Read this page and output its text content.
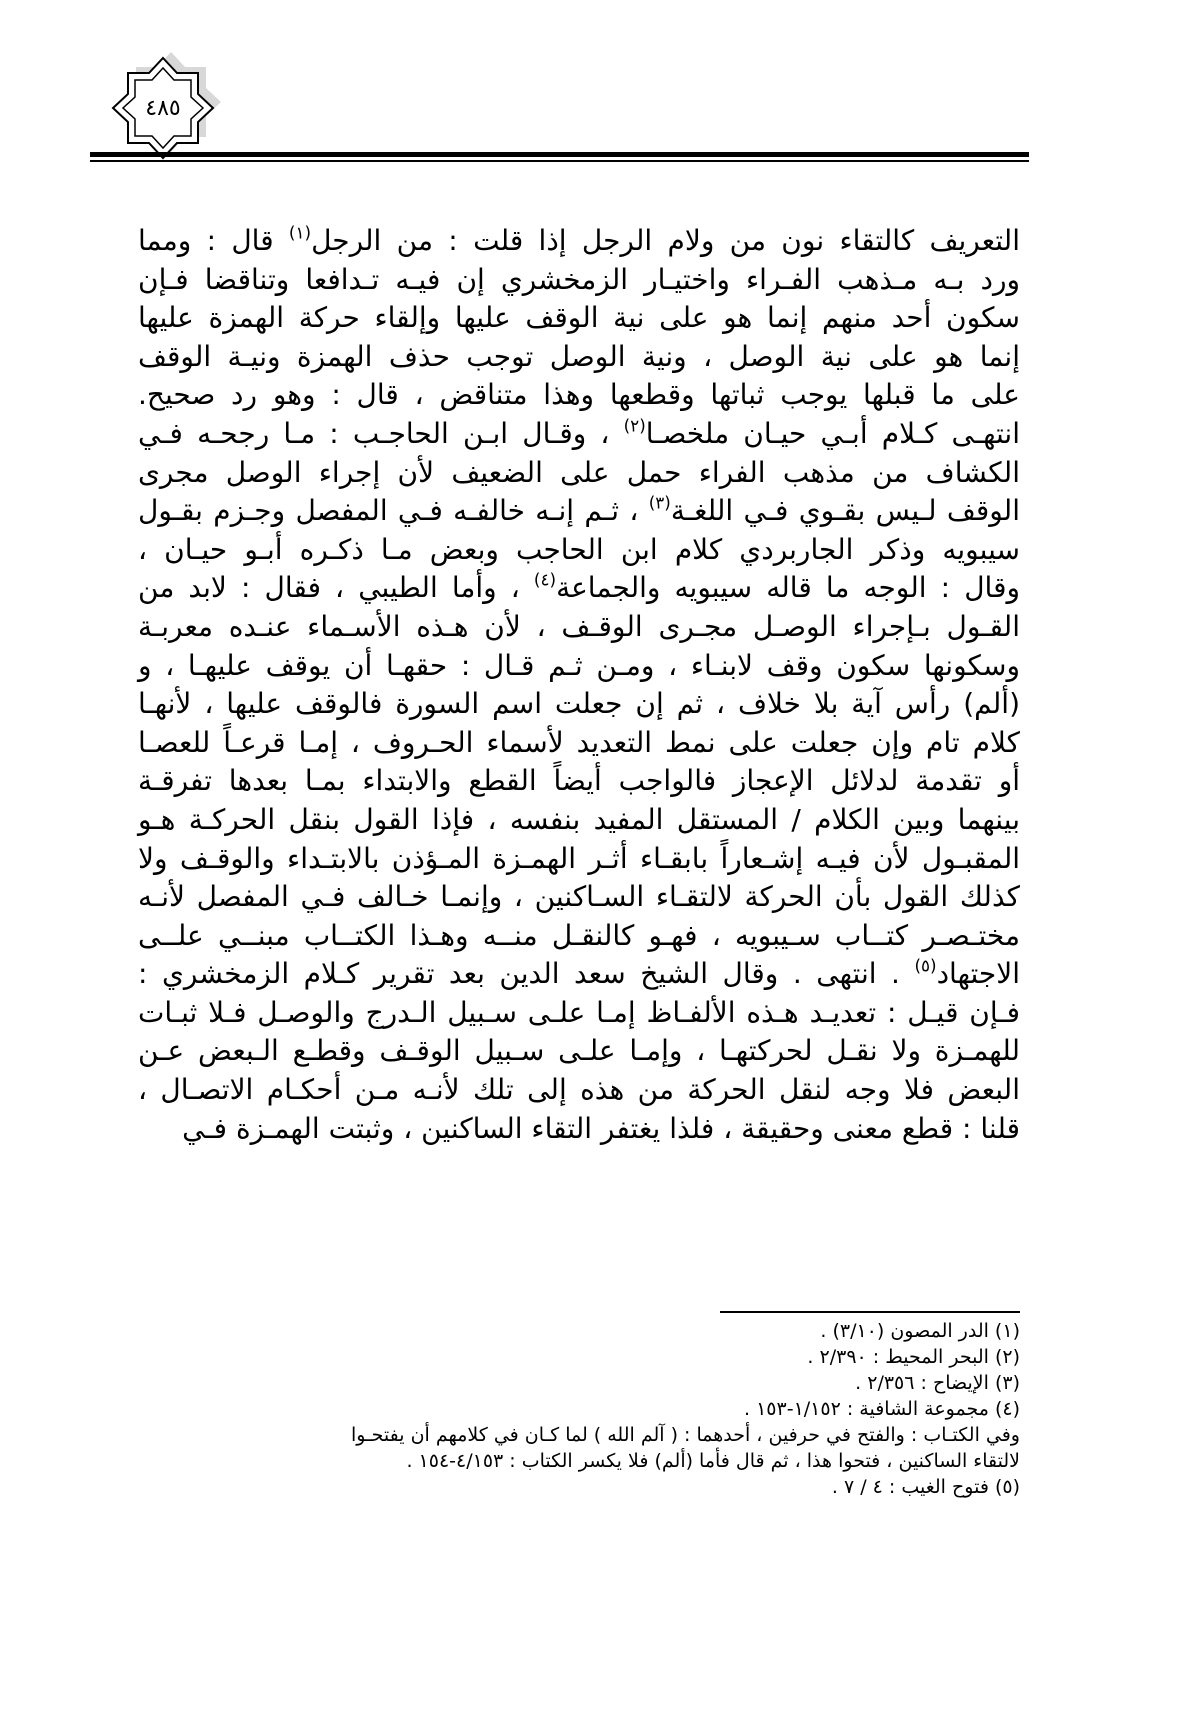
٤٨٥
التعريف كالتقاء نون من ولام الرجل إذا قلت : من الرجل$^{(١)}$ قال : ومما
ورد بـه مـذهب الفـراء واختيـار الزمخشري إن فيـه تـدافعا وتناقضا فـإن
سكون أحد منهم إنما هو على نية الوقف عليها وإلقاء حركة الهمزة عليها
إنما هو على نية الوصل ، ونية الوصل توجب حذف الهمزة ونيـة الوقف
على ما قبلها يوجب ثباتها وقطعها وهذا متناقض ، قال : وهو رد صحيح.
انتهـى كـلام أبـي حيـان ملخصـا$^{(٢)}$ ، وقـال ابـن الحاجـب : مـا رجحـه فـي
الكشاف من مذهب الفراء حمل على الضعيف لأن إجراء الوصل مجرى
الوقف لـيس بقـوي فـي اللغـة$^{(٣)}$ ، ثـم إنـه خالفـه فـي المفصل وجـزم بقـول
سيبويه وذكر الجاربردي كلام ابن الحاجب وبعض مـا ذكـره أبـو حيـان ،
وقال : الوجه ما قاله سيبويه والجماعة$^{(٤)}$ ، وأما الطيبي ، فقال : لابد من
القـول بـإجراء الوصـل مجـرى الوقـف ، لأن هـذه الأسـماء عنـده معربـة
وسكونها سكون وقف لابنـاء ، ومـن ثـم قـال : حقهـا أن يوقف عليهـا ، و
(ألم) رأس آية بلا خلاف ، ثم إن جعلت اسم السورة فالوقف عليها ، لأنهـا
كلام تام وإن جعلت على نمط التعديد لأسماء الحـروف ، إمـا قرعـاً للعصـا
أو تقدمة لدلائل الإعجاز فالواجب أيضاً القطع والابتداء بمـا بعدها تفرقـة
بينهما وبين الكلام / المستقل المفيد بنفسه ، فإذا القول بنقل الحركـة هـو
المقبـول لأن فيـه إشـعاراً بابقـاء أثـر الهمـزة المـؤذن بالابتـداء والوقـف ولا
كذلك القول بأن الحركة لالتقـاء السـاكنين ، وإنمـا خـالف فـي المفصل لأنـه
مختـصـر كتــاب سـيبويه ، فهـو كالنقـل منــه وهـذا الكتــاب مبنــي علــى
الاجتهاد$^{(٥)}$ . انتهى . وقال الشيخ سعد الدين بعد تقرير كـلام الزمخشري :
فـإن قيـل : تعديـد هـذه الألفـاظ إمـا علـى سـبيل الـدرج والوصـل فـلا ثبـات
للهمـزة ولا نقـل لحركتهـا ، وإمـا علـى سـبيل الوقـف وقطـع الـبعض عـن
البعض فلا وجه لنقل الحركة من هذه إلى تلك لأنـه مـن أحكـام الاتصـال ،
قلنا : قطع معنى وحقيقة ، فلذا يغتفر التقاء الساكنين ، وثبتت الهمـزة فـي
(١) الدر المصون (٣/١٠) .
(٢) البحر المحيط : ٢/٣٩٠ .
(٣) الإيضاح : ٢/٣٥٦ .
(٤) مجموعة الشافية : ١/١٥٢-١٥٣ .
وفي الكتـاب : والفتح في حرفين ، أحدهما : ( آلم الله ) لما كـان في كلامهم أن يفتحـوا
لالتقاء الساكنين ، فتحوا هذا ، ثم قال فأما (ألم) فلا يكسر الكتاب : ٤/١٥٣-١٥٤ .
(٥) فتوح الغيب : ٤ / ٧ .
